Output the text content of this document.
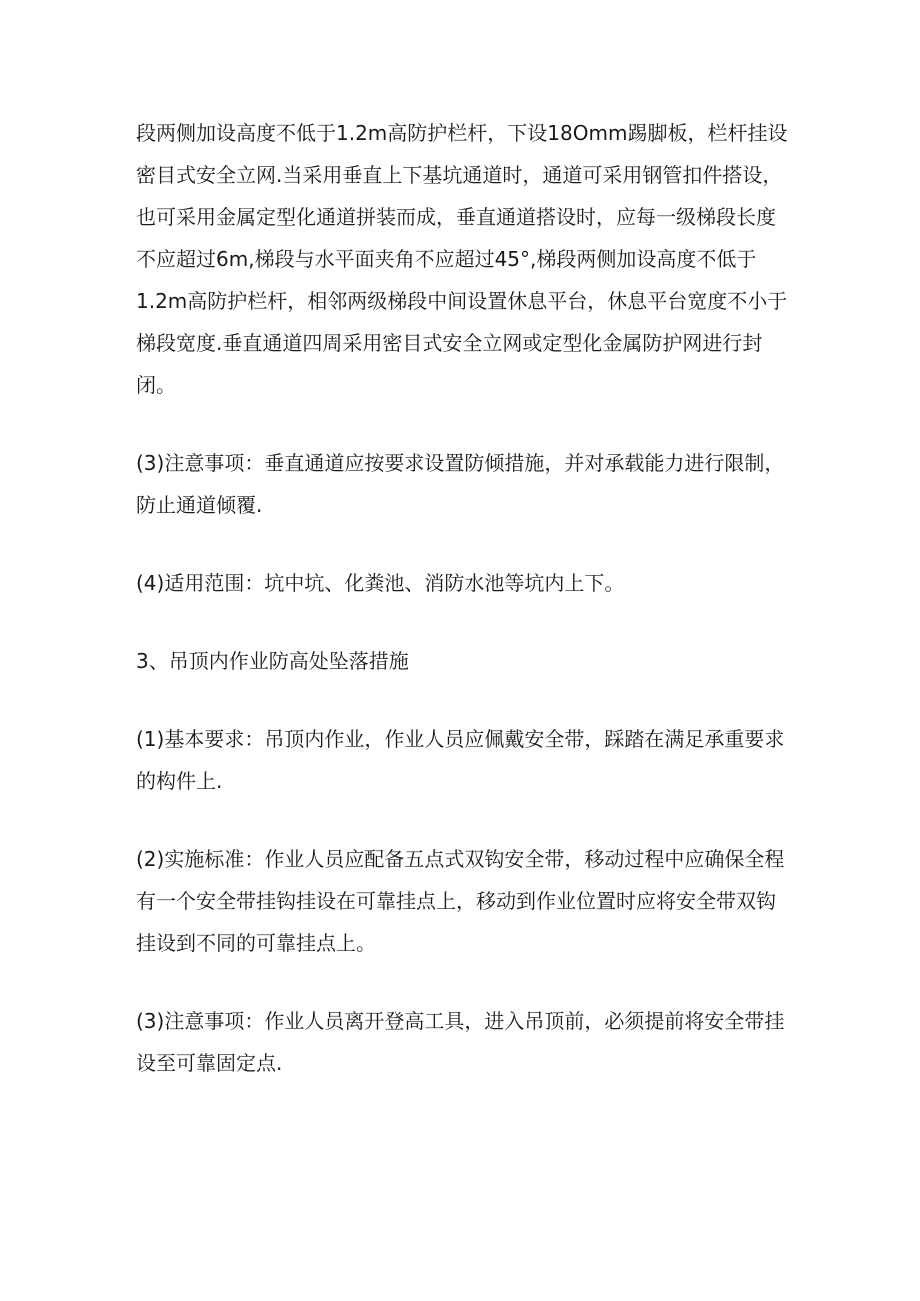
段两侧加设高度不低于1.2m高防护栏杆，下设18Omm踢脚板，栏杆挂设
密目式安全立网.当采用垂直上下基坑通道时，通道可采用钢管扣件搭设，
也可采用金属定型化通道拼装而成，垂直通道搭设时，应每一级梯段长度
不应超过6m,梯段与水平面夹角不应超过45°,梯段两侧加设高度不低于
1.2m高防护栏杆，相邻两级梯段中间设置休息平台，休息平台宽度不小于
梯段宽度.垂直通道四周采用密目式安全立网或定型化金属防护网进行封
闭。

(3)注意事项：垂直通道应按要求设置防倾措施，并对承载能力进行限制，
防止通道倾覆.

(4)适用范围：坑中坑、化粪池、消防水池等坑内上下。

3、吊顶内作业防高处坠落措施

(1)基本要求：吊顶内作业，作业人员应佩戴安全带，踩踏在满足承重要求
的构件上.

(2)实施标准：作业人员应配备五点式双钩安全带，移动过程中应确保全程
有一个安全带挂钩挂设在可靠挂点上，移动到作业位置时应将安全带双钩
挂设到不同的可靠挂点上。

(3)注意事项：作业人员离开登高工具，进入吊顶前，必须提前将安全带挂
设至可靠固定点.
